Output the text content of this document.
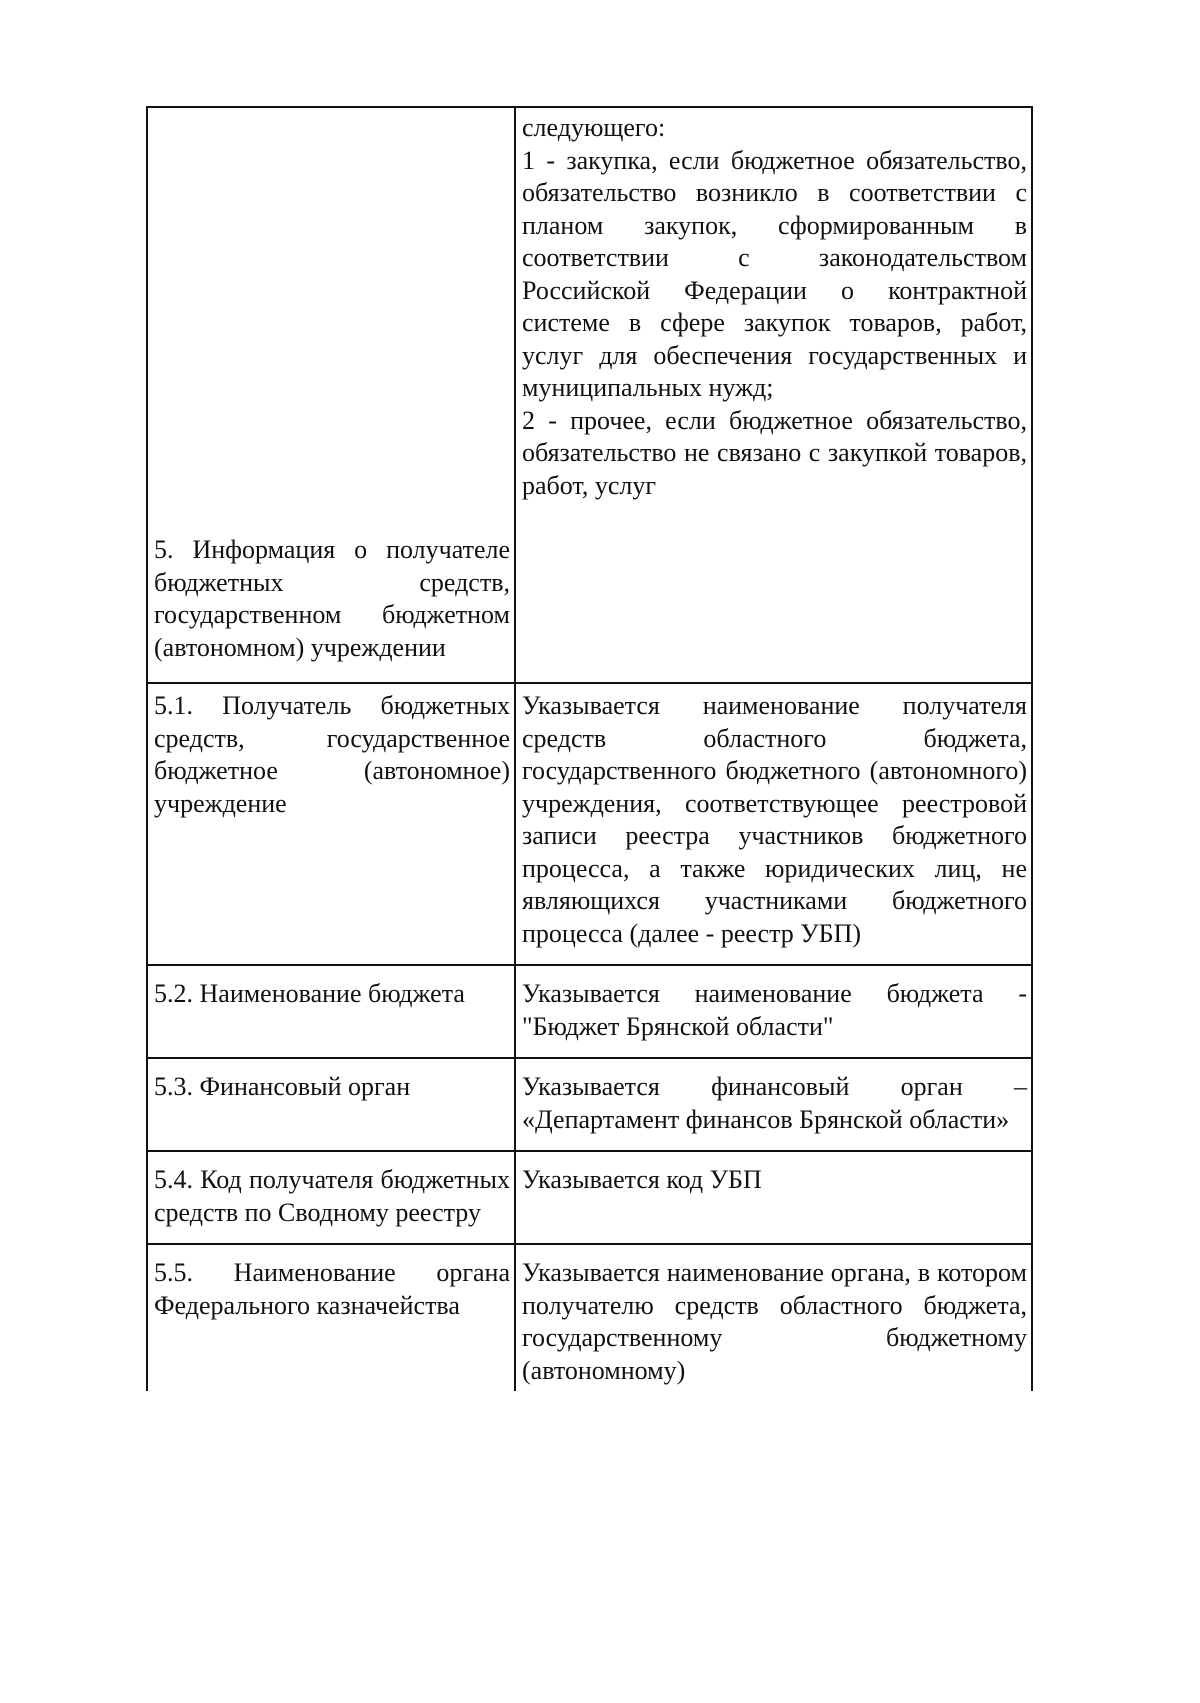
5. Информация о получателе бюджетных средств, государственном бюджетном (автономном) учреждении
следующего:
1 - закупка, если бюджетное обязательство, обязательство возникло в соответствии с планом закупок, сформированным в соответствии с законодательством Российской Федерации о контрактной системе в сфере закупок товаров, работ, услуг для обеспечения государственных и муниципальных нужд;
2 - прочее, если бюджетное обязательство, обязательство не связано с закупкой товаров, работ, услуг
5.1. Получатель бюджетных средств, государственное бюджетное (автономное) учреждение
Указывается наименование получателя средств областного бюджета, государственного бюджетного (автономного) учреждения, соответствующее реестровой записи реестра участников бюджетного процесса, а также юридических лиц, не являющихся участниками бюджетного процесса (далее - реестр УБП)
5.2. Наименование бюджета	Указывается наименование бюджета - "Бюджет Брянской области"
5.3. Финансовый орган	Указывается финансовый орган – «Департамент финансов Брянской области»
5.4. Код получателя бюджетных средств по Сводному реестру
Указывается код УБП
5.5. Наименование органа Федерального казначейства
Указывается наименование органа, в котором получателю средств областного бюджета, государственному бюджетному (автономному)
